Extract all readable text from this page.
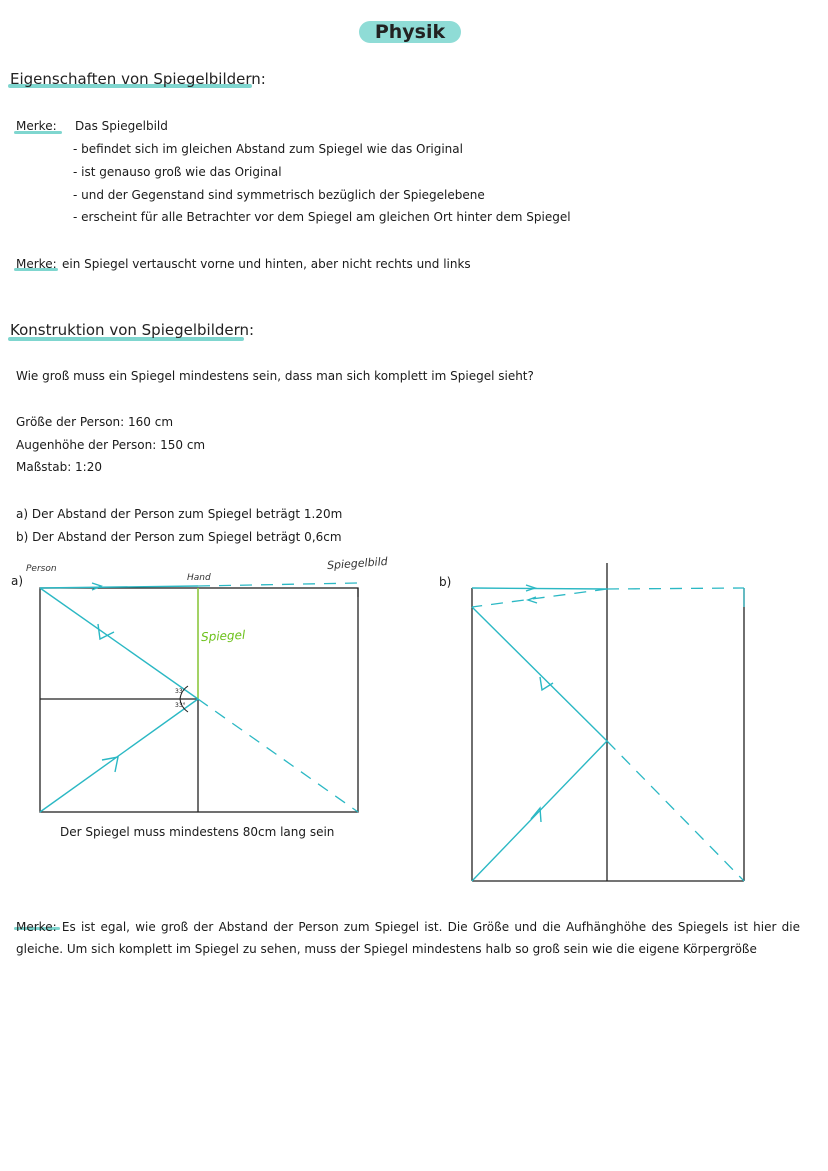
Physik
Eigenschaften von Spiegelbildern:
Merke: Das Spiegelbild
- befindet sich im gleichen Abstand zum Spiegel wie das Original
- ist genauso groß wie das Original
- und der Gegenstand sind symmetrisch bezüglich der Spiegelebene
- erscheint für alle Betrachter vor dem Spiegel am gleichen Ort hinter dem Spiegel
Merke: ein Spiegel vertauscht vorne und hinten, aber nicht rechts und links
Konstruktion von Spiegelbildern:
Wie groß muss ein Spiegel mindestens sein, dass man sich komplett im Spiegel sieht?
Größe der Person: 160 cm
Augenhöhe der Person: 150 cm
Maßstab: 1:20
a) Der Abstand der Person zum Spiegel beträgt 1.20m
b) Der Abstand der Person zum Spiegel beträgt 0,6cm
a)
Person
Hand
Spiegelbild
Spiegel
33°
33°
Der Spiegel muss mindestens 80cm lang sein
b)
Merke: Es ist egal, wie groß der Abstand der Person zum Spiegel ist. Die Größe und die Aufhänghöhe des Spiegels ist hier die gleiche. Um sich komplett im Spiegel zu sehen, muss der Spiegel mindestens halb so groß sein wie die eigene Körpergröße
